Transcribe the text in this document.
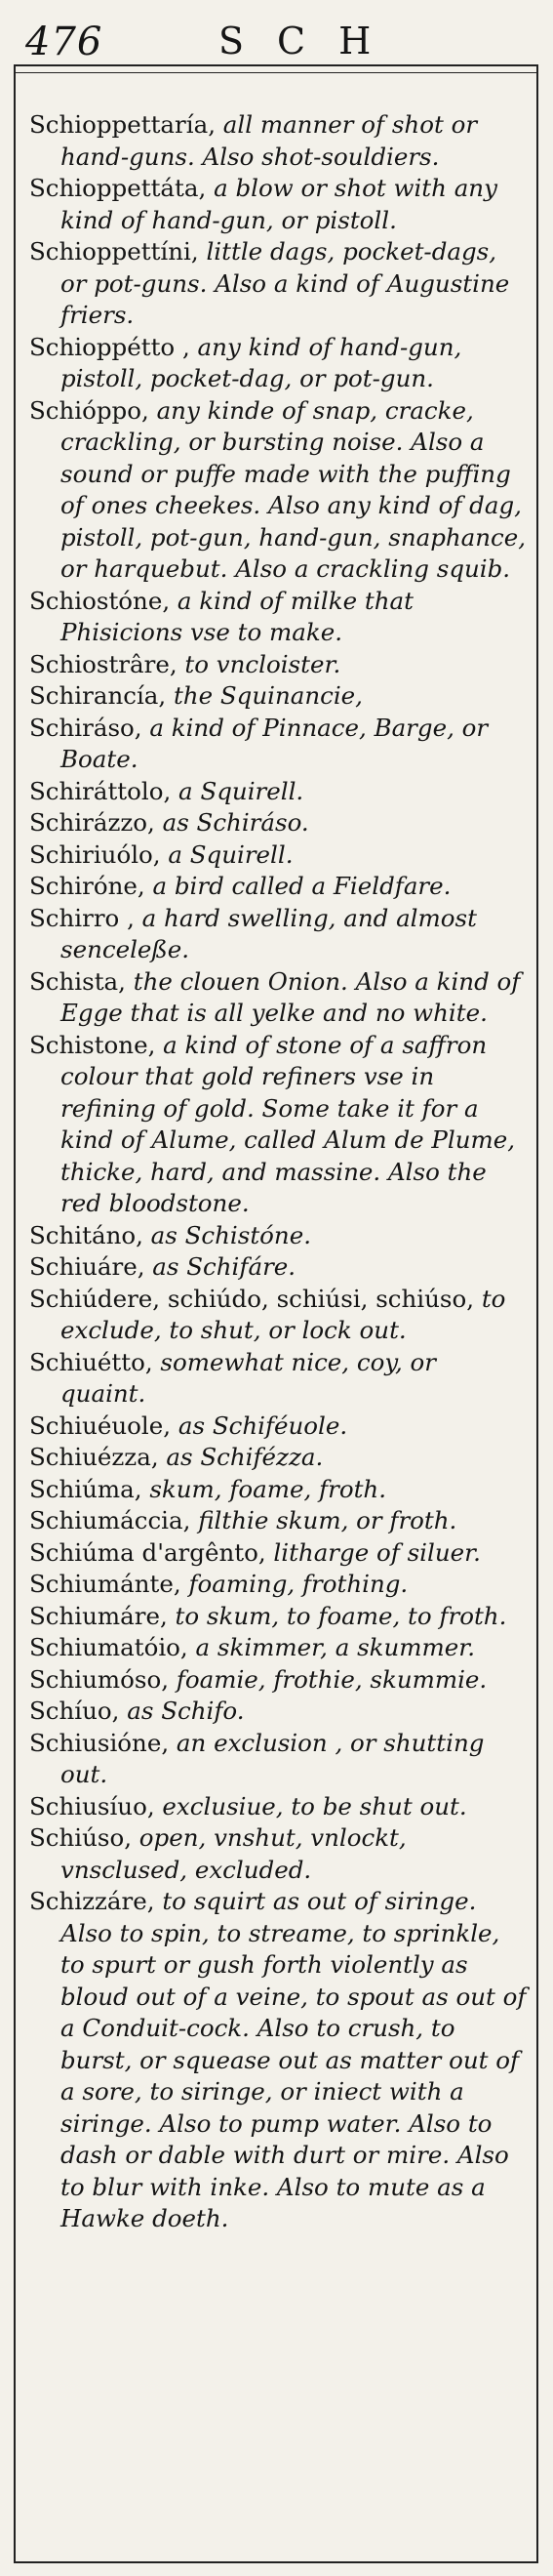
476	SCH

Schioppettaría, all manner of shot or hand-guns. Also shot-souldiers.

Schioppettáta, a blow or shot with any kind of hand-gun, or pistoll.

Schioppettíni, little dags, pocket-dags, or pot-guns. Also a kind of Augustine friers.

Schioppétto , any kind of hand-gun, pistoll, pocket-dag, or pot-gun.

Schióppo, any kinde of snap, cracke, crackling, or bursting noise. Also a sound or puffe made with the puffing of ones cheekes. Also any kind of dag, pistoll, pot-gun, hand-gun, snaphance, or harquebut. Also a crackling squib.

Schiostóne, a kind of milke that Phisicions vse to make.

Schiostrâre, to vncloister.

Schirancía, the Squinancie,

Schiráso, a kind of Pinnace, Barge, or Boate.

Schiráttolo, a Squirell.

Schirázzo, as Schiráso.

Schiriuólo, a Squirell.

Schiróne, a bird called a Fieldfare.

Schirro , a hard swelling, and almost senceleße.

Schista, the clouen Onion. Also a kind of Egge that is all yelke and no white.

Schistone, a kind of stone of a saffron colour that gold refiners vse in refining of gold. Some take it for a kind of Alume, called Alum de Plume, thicke, hard, and massine. Also the red bloodstone.

Schitáno, as Schistóne.

Schiuáre, as Schifáre.

Schiúdere, schiúdo, schiúsi, schiúso, to exclude, to shut, or lock out.

Schiuétto, somewhat nice, coy, or quaint.

Schiuéuole, as Schiféuole.

Schiuézza, as Schifézza.

Schiúma, skum, foame, froth.

Schiumáccia, filthie skum, or froth.

Schiúma d'argênto, litharge of siluer.

Schiumánte, foaming, frothing.

Schiumáre, to skum, to foame, to froth.

Schiumatóio, a skimmer, a skummer.

Schiumóso, foamie, frothie, skummie.

Schíuo, as Schifo.

Schiusióne, an exclusion , or shutting out.

Schiusíuo, exclusiue, to be shut out.

Schiúso, open, vnshut, vnlockt, vnsclused, excluded.

Schizzáre, to squirt as out of siringe. Also to spin, to streame, to sprinkle, to spurt or gush forth violently as bloud out of a veine, to spout as out of a Conduit-cock. Also to crush, to burst, or squease out as matter out of a sore, to siringe, or iniect with a siringe. Also to pump water. Also to dash or dable with durt or mire. Also to blur with inke. Also to mute as a Hawke doeth.
